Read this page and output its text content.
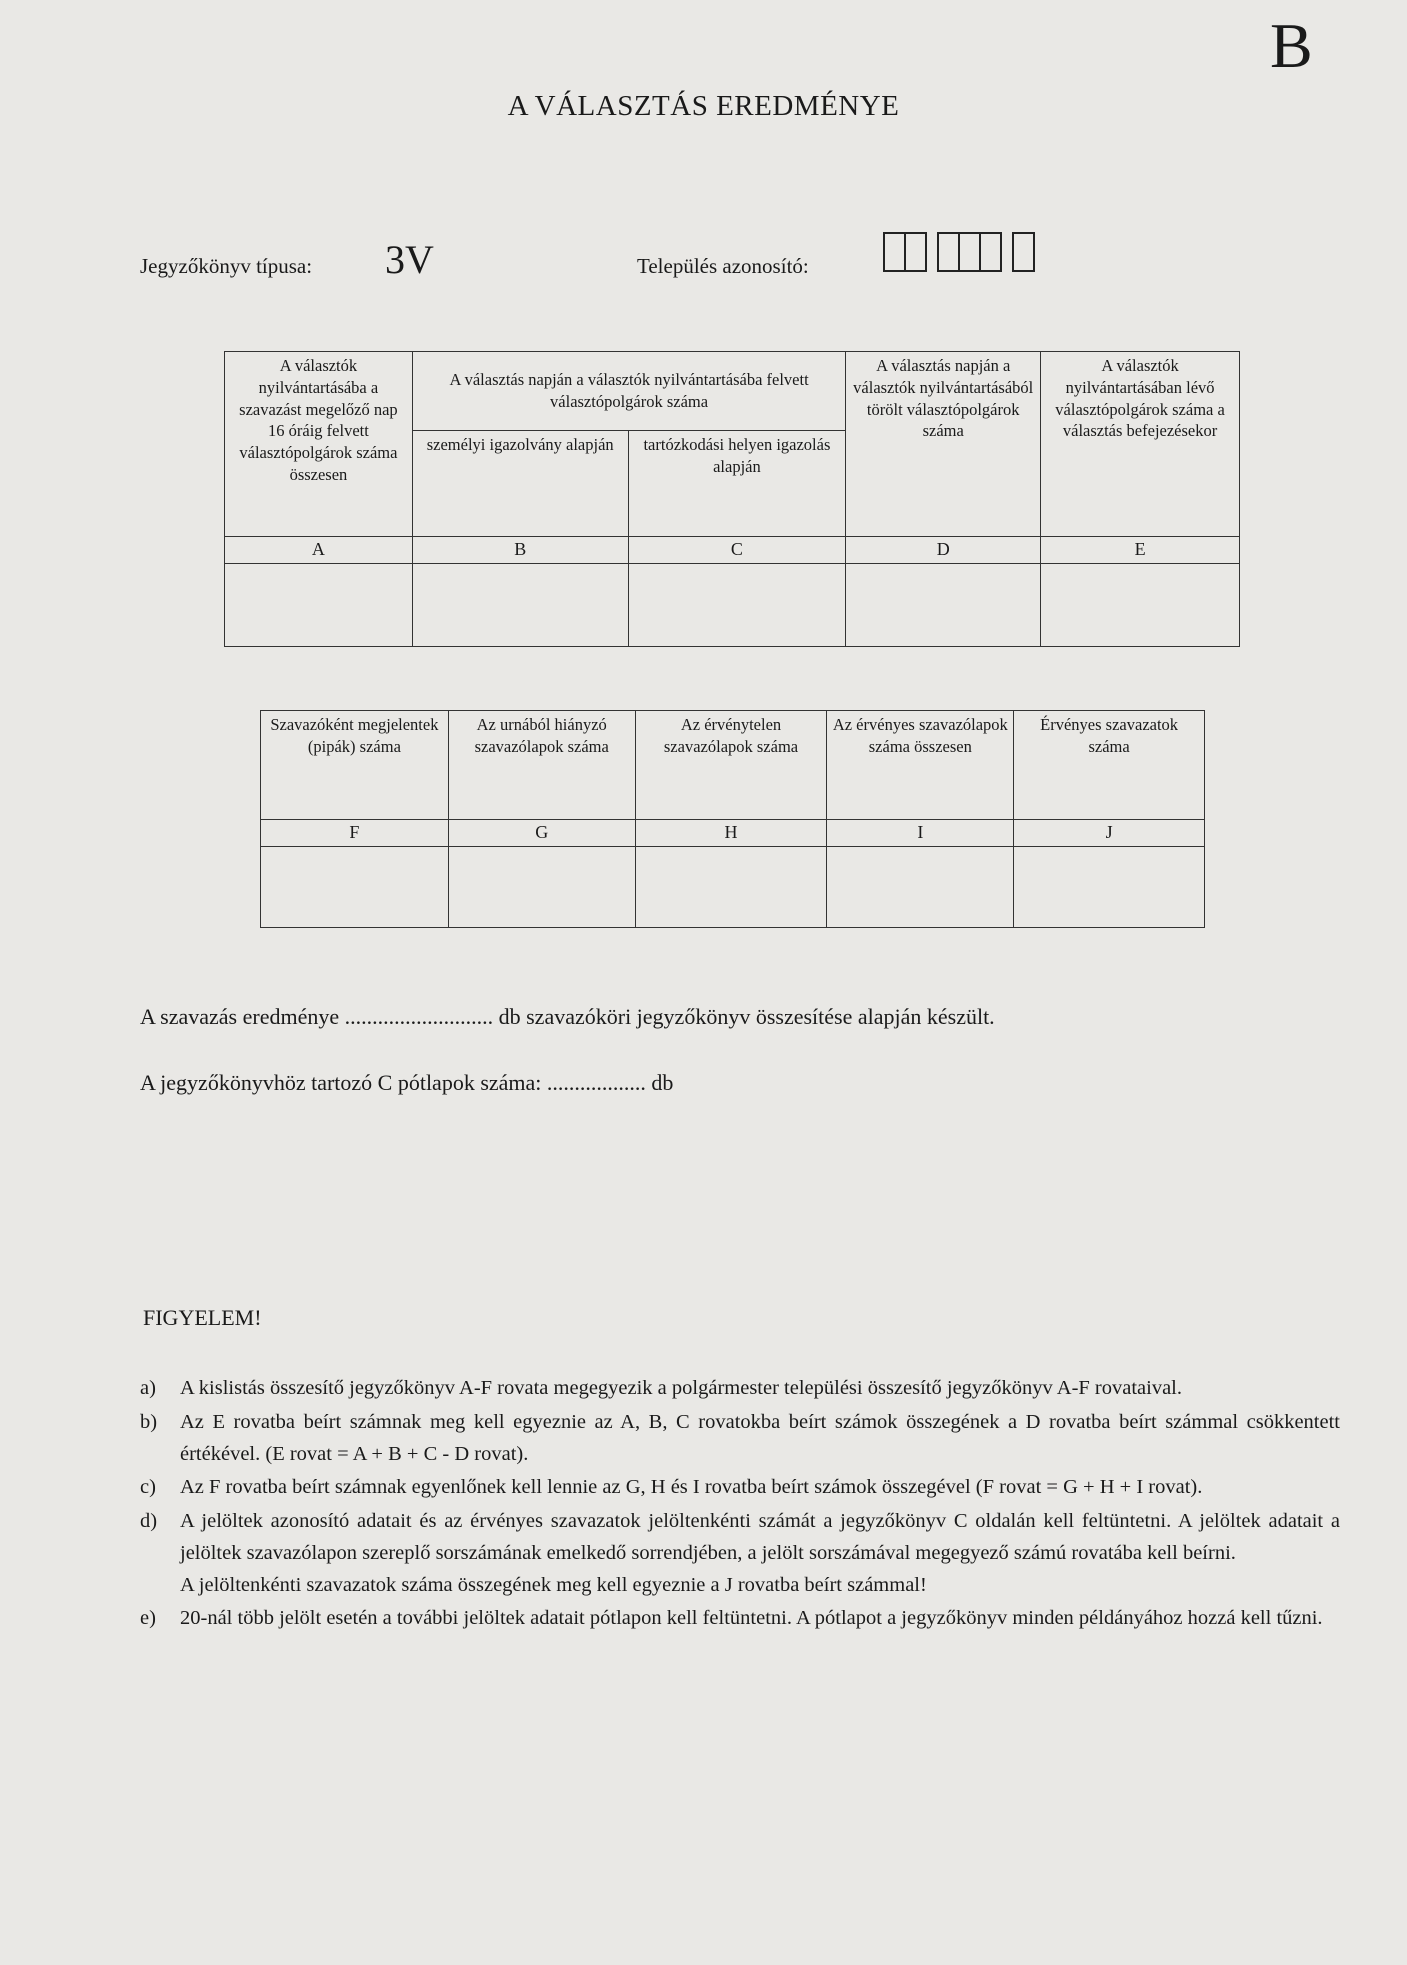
B
A VÁLASZTÁS EREDMÉNYE
Jegyzőkönyv típusa: 3V	Település azonosító:
A választók nyilvántartásába a szavazást megelőző nap 16 óráig felvett választópolgárok száma összesen	A választás napján a választók nyilvántartásába felvett választópolgárok száma		A választás napján a választók nyilvántartásából törölt választópolgárok száma	A választók nyilvántartásában lévő választópolgárok száma a választás befejezésekor
	személyi igazolvány alapján	tartózkodási helyen igazolás alapján		
A	B	C	D	E

Szavazóként megjelentek (pipák) száma	Az urnából hiányzó szavazólapok száma	Az érvénytelen szavazólapok száma	Az érvényes szavazólapok száma összesen	Érvényes szavazatok száma
F	G	H	I	J

A szavazás eredménye ........................... db szavazóköri jegyzőkönyv összesítése alapján készült.
A jegyzőkönyvhöz tartozó C pótlapok száma: .................. db
FIGYELEM!
a)	A kislistás összesítő jegyzőkönyv A-F rovata megegyezik a polgármester települési összesítő jegyzőkönyv A-F rovataival.
b)	Az E rovatba beírt számnak meg kell egyeznie az A, B, C rovatokba beírt számok összegének a D rovatba beírt számmal csökkentett értékével. (E rovat = A + B + C - D rovat).
c)	Az F rovatba beírt számnak egyenlőnek kell lennie az G, H és I rovatba beírt számok összegével (F rovat = G + H + I rovat).
d)	A jelöltek azonosító adatait és az érvényes szavazatok jelöltenkénti számát a jegyzőkönyv C oldalán kell feltüntetni. A jelöltek adatait a jelöltek szavazólapon szereplő sorszámának emelkedő sorrendjében, a jelölt sorszámával megegyező számú rovatába kell beírni.
A jelöltenkénti szavazatok száma összegének meg kell egyeznie a J rovatba beírt számmal!
e)	20-nál több jelölt esetén a további jelöltek adatait pótlapon kell feltüntetni. A pótlapot a jegyzőkönyv minden példányához hozzá kell tűzni.
